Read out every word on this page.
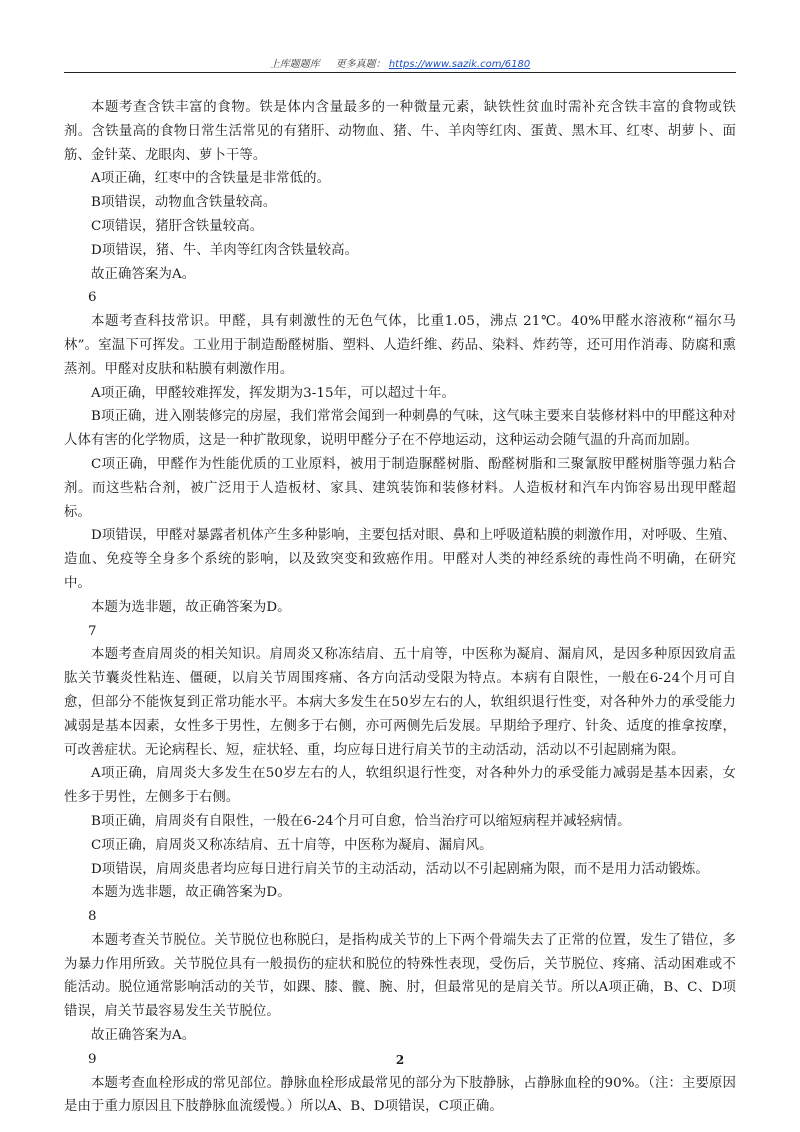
上库题题库 更多真题： https://www.sazik.com/6180

本题考查含铁丰富的食物。铁是体内含量最多的一种微量元素，缺铁性贫血时需补充含铁丰富的食物或铁剂。含铁量高的食物日常生活常见的有猪肝、动物血、猪、牛、羊肉等红肉、蛋黄、黑木耳、红枣、胡萝卜、面筋、金针菜、龙眼肉、萝卜干等。

A项正确，红枣中的含铁量是非常低的。

B项错误，动物血含铁量较高。

C项错误，猪肝含铁量较高。

D项错误，猪、牛、羊肉等红肉含铁量较高。

故正确答案为A。

6

本题考查科技常识。甲醛，具有刺激性的无色气体，比重1.05，沸点 21℃。40%甲醛水溶液称“福尔马林”。室温下可挥发。工业用于制造酚醛树脂、塑料、人造纤维、药品、染料、炸药等，还可用作消毒、防腐和熏蒸剂。甲醛对皮肤和粘膜有刺激作用。

A项正确，甲醛较难挥发，挥发期为3-15年，可以超过十年。

B项正确，进入刚装修完的房屋，我们常常会闻到一种刺鼻的气味，这气味主要来自装修材料中的甲醛这种对人体有害的化学物质，这是一种扩散现象，说明甲醛分子在不停地运动，这种运动会随气温的升高而加剧。

C项正确，甲醛作为性能优质的工业原料，被用于制造脲醛树脂、酚醛树脂和三聚氰胺甲醛树脂等强力粘合剂。而这些粘合剂，被广泛用于人造板材、家具、建筑装饰和装修材料。人造板材和汽车内饰容易出现甲醛超标。

D项错误，甲醛对暴露者机体产生多种影响，主要包括对眼、鼻和上呼吸道粘膜的刺激作用，对呼吸、生殖、造血、免疫等全身多个系统的影响，以及致突变和致癌作用。甲醛对人类的神经系统的毒性尚不明确，在研究中。

本题为选非题，故正确答案为D。

7

本题考查肩周炎的相关知识。肩周炎又称冻结肩、五十肩等，中医称为凝肩、漏肩风，是因多种原因致肩盂肱关节囊炎性粘连、僵硬，以肩关节周围疼痛、各方向活动受限为特点。本病有自限性，一般在6-24个月可自愈，但部分不能恢复到正常功能水平。本病大多发生在50岁左右的人，软组织退行性变，对各种外力的承受能力减弱是基本因素，女性多于男性，左侧多于右侧，亦可两侧先后发展。早期给予理疗、针灸、适度的推拿按摩，可改善症状。无论病程长、短，症状轻、重，均应每日进行肩关节的主动活动，活动以不引起剧痛为限。

A项正确，肩周炎大多发生在50岁左右的人，软组织退行性变，对各种外力的承受能力减弱是基本因素，女性多于男性，左侧多于右侧。

B项正确，肩周炎有自限性，一般在6-24个月可自愈，恰当治疗可以缩短病程并减轻病情。

C项正确，肩周炎又称冻结肩、五十肩等，中医称为凝肩、漏肩风。

D项错误，肩周炎患者均应每日进行肩关节的主动活动，活动以不引起剧痛为限，而不是用力活动锻炼。

本题为选非题，故正确答案为D。

8

本题考查关节脱位。关节脱位也称脱臼，是指构成关节的上下两个骨端失去了正常的位置，发生了错位，多为暴力作用所致。关节脱位具有一般损伤的症状和脱位的特殊性表现，受伤后，关节脱位、疼痛、活动困难或不能活动。脱位通常影响活动的关节，如踝、膝、髋、腕、肘，但最常见的是肩关节。所以A项正确，B、C、D项错误，肩关节最容易发生关节脱位。

故正确答案为A。

9

本题考查血栓形成的常见部位。静脉血栓形成最常见的部分为下肢静脉，占静脉血栓的90%。（注：主要原因是由于重力原因且下肢静脉血流缓慢。）所以A、B、D项错误，C项正确。

2
